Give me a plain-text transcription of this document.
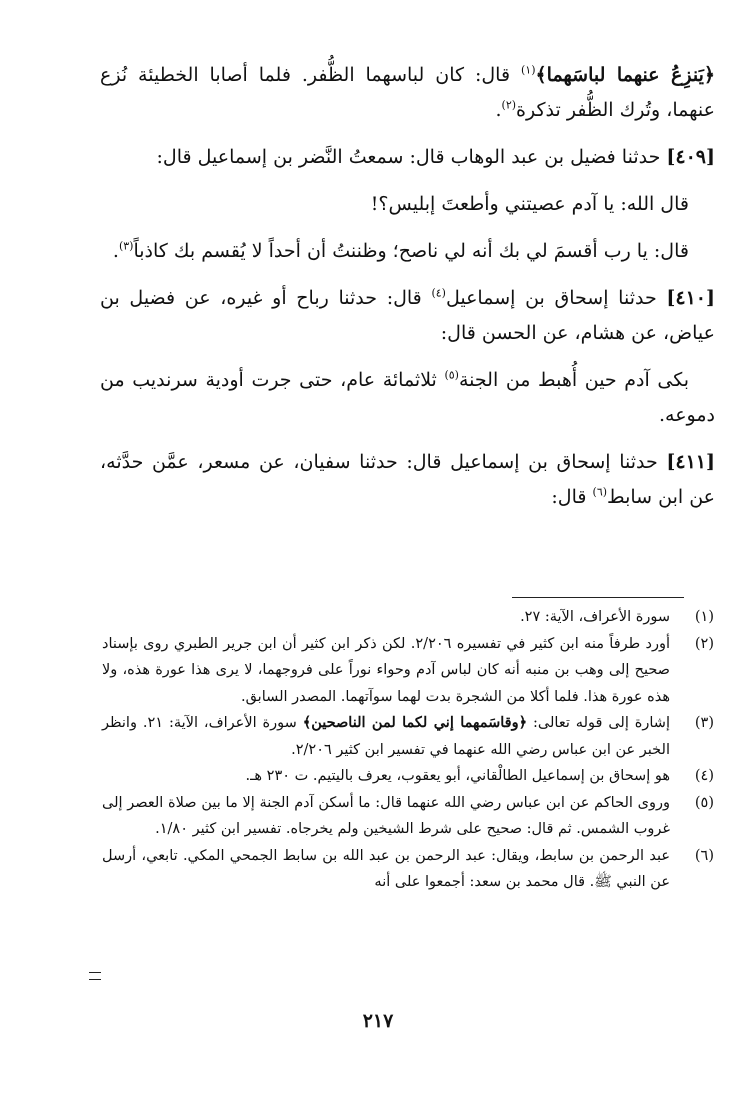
﴿يَنزِعُ عنهما لباسَهما﴾$^{(١)}$ قال: كان لباسهما الظُّفر. فلما أصابا الخطيئة نُزع عنهما، وتُرك الظُّفر تذكرة$^{(٢)}$.

[٤٠٩] حدثنا فضيل بن عبد الوهاب قال: سمعتُ النَّضر بن إسماعيل قال:

قال الله: يا آدم عصيتني وأطعتَ إبليس؟!

قال: يا رب أقسمَ لي بك أنه لي ناصح؛ وظننتُ أن أحداً لا يُقسم بك كاذباً$^{(٣)}$.

[٤١٠] حدثنا إسحاق بن إسماعيل$^{(٤)}$ قال: حدثنا رباح أو غيره، عن فضيل بن عياض، عن هشام، عن الحسن قال:

بكى آدم حين أُهبط من الجنة$^{(٥)}$ ثلاثمائة عام، حتى جرت أودية سرنديب من دموعه.

[٤١١] حدثنا إسحاق بن إسماعيل قال: حدثنا سفيان، عن مسعر، عمَّن حدَّثه، عن ابن سابط$^{(٦)}$ قال:

(١)
سورة الأعراف، الآية: ٢٧.
(٢)
أورد طرفاً منه ابن كثير في تفسيره ٢/٢٠٦. لكن ذكر ابن كثير أن ابن جرير الطبري روى بإسناد صحيح إلى وهب بن منبه أنه كان لباس آدم وحواء نوراً على فروجهما، لا يرى هذا عورة هذه، ولا هذه عورة هذا. فلما أكلا من الشجرة بدت لهما سوآتهما. المصدر السابق.
(٣)
إشارة إلى قوله تعالى: ﴿وقاسَمهما إني لكما لمن الناصحين﴾ سورة الأعراف، الآية: ٢١. وانظر الخبر عن ابن عباس رضي الله عنهما في تفسير ابن كثير ٢/٢٠٦.
(٤)
هو إسحاق بن إسماعيل الطالْقاني، أبو يعقوب، يعرف باليتيم. ت ٢٣٠ هـ.
(٥)
وروى الحاكم عن ابن عباس رضي الله عنهما قال: ما أسكن آدم الجنة إلا ما بين صلاة العصر إلى غروب الشمس. ثم قال: صحيح على شرط الشيخين ولم يخرجاه. تفسير ابن كثير ١/٨٠.
(٦)
عبد الرحمن بن سابط، ويقال: عبد الرحمن بن عبد الله بن سابط الجمحي المكي. تابعي، أرسل عن النبي ﷺ. قال محمد بن سعد: أجمعوا على أنه
٢١٧
